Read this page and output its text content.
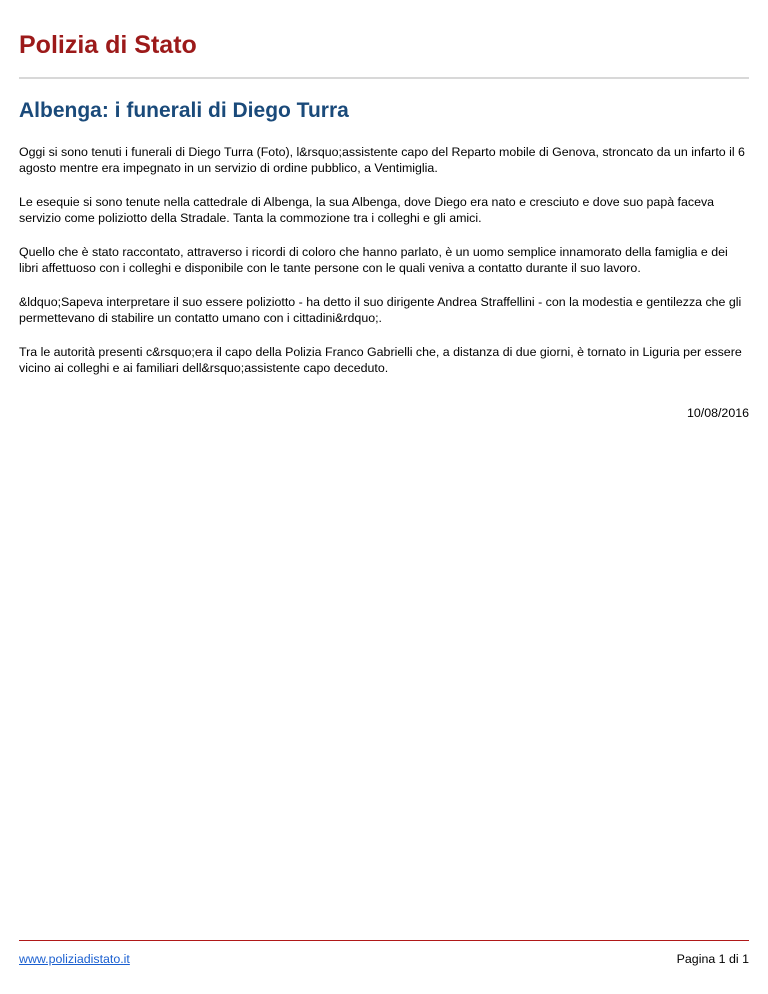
Polizia di Stato
Albenga: i funerali di Diego Turra

Oggi si sono tenuti i funerali di Diego Turra (Foto), l&rsquo;assistente capo del Reparto mobile di Genova, stroncato da un infarto il 6 agosto mentre era impegnato in un servizio di ordine pubblico, a Ventimiglia.

Le esequie si sono tenute nella cattedrale di Albenga, la sua Albenga, dove Diego era nato e cresciuto e dove suo papà faceva servizio come poliziotto della Stradale. Tanta la commozione tra i colleghi e gli amici.

Quello che è stato raccontato, attraverso i ricordi di coloro che hanno parlato, è un uomo semplice innamorato della famiglia e dei libri affettuoso con i colleghi e disponibile con le tante persone con le quali veniva a contatto durante il suo lavoro.

&ldquo;Sapeva interpretare il suo essere poliziotto - ha detto il suo dirigente Andrea Straffellini - con la modestia e gentilezza che gli permettevano di stabilire un contatto umano con i cittadini&rdquo;.

Tra le autorità presenti c&rsquo;era il capo della Polizia Franco Gabrielli che, a distanza di due giorni, è tornato in Liguria per essere vicino ai colleghi e ai familiari dell&rsquo;assistente capo deceduto.

10/08/2016
www.poliziadistato.it	Pagina 1 di 1
